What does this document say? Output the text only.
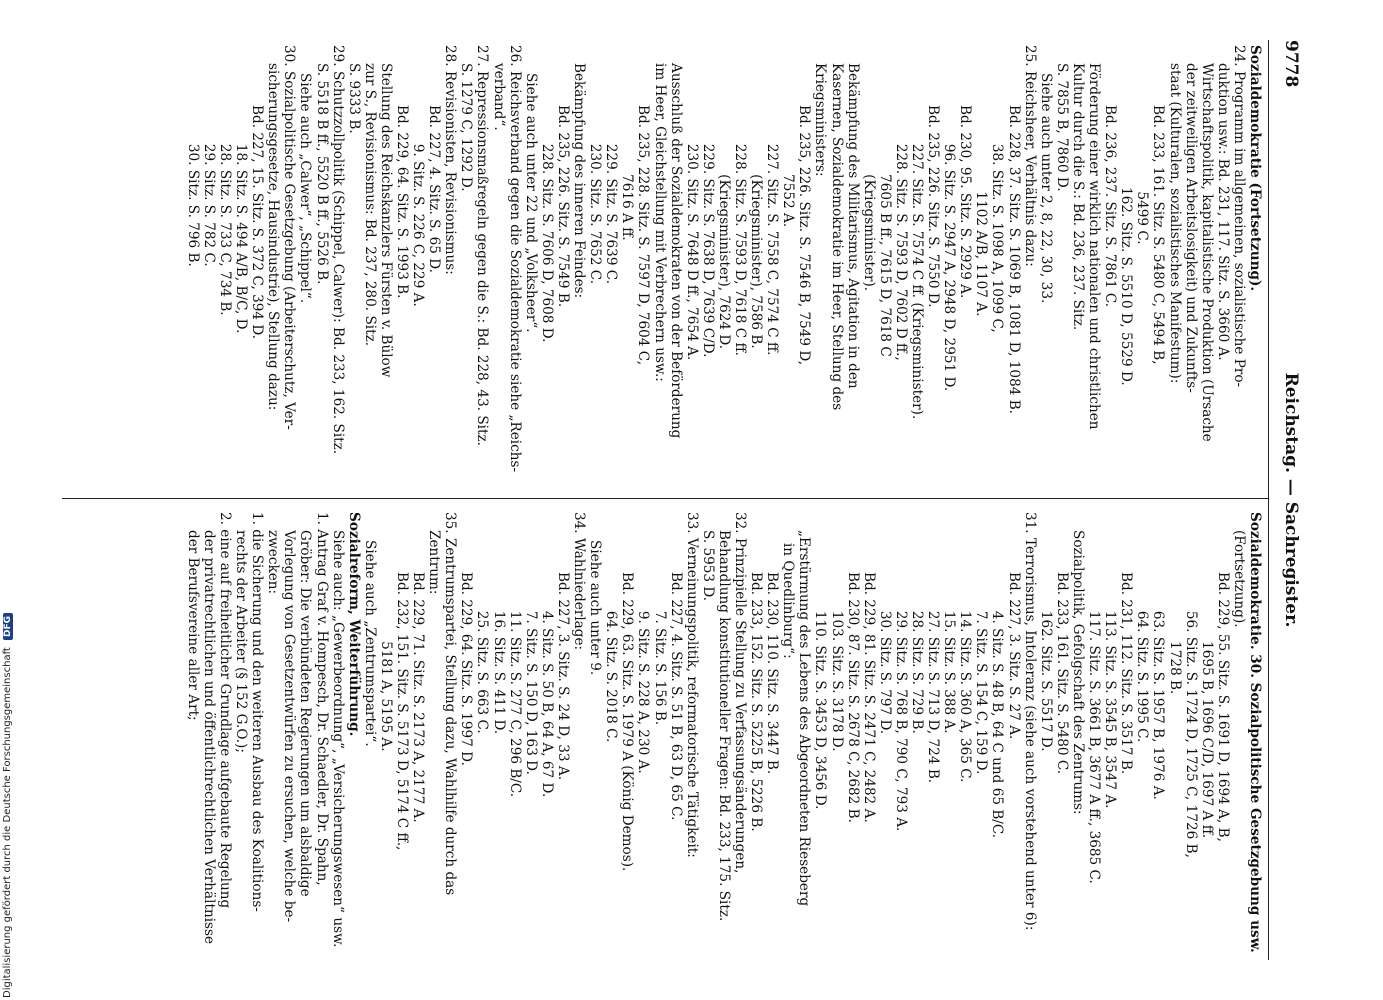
9778
Reichstag. — Sachregister.
Sozialdemokratie (Fortsetzung).
24. Programm im allgemeinen, sozialistische Pro-
duktion usw.: Bd. 231, 117. Sitz. S. 3660 A.
Wirtschaftspolitik, kapitalistische Produktion (Ursache
der zeitweiligen Arbeitslosigkeit) und Zukunfts-
staat (Kulturalen, sozialistisches Manifestum):
Bd. 233, 161. Sitz. S. 5480 C, 5494 B,
5499 C.
162. Sitz. S. 5510 D, 5529 D.
Bd. 236, 237. Sitz. S. 7861 C.
Förderung einer wirklich nationalen und christlichen
Kultur durch die S.: Bd. 236, 237. Sitz.
S. 7855 B, 7860 D.
Siehe auch unter 2, 8, 22, 30, 33.
25. Reichsheer, Verhältnis dazu:
Bd. 228, 37. Sitz. S. 1069 B, 1081 D, 1084 B.
38. Sitz. S. 1098 A, 1099 C,
1102 A/B, 1107 A.
Bd. 230, 95. Sitz. S. 2929 A.
96. Sitz. S. 2947 A, 2948 D, 2951 D.
Bd. 235, 226. Sitz. S. 7550 D.
227. Sitz. S. 7574 C ff. (Kriegsminister).
228. Sitz. S. 7593 D, 7602 D ff.,
7605 B ff., 7615 D, 7618 C
(Kriegsminister).
Bekämpfung des Militarismus, Agitation in den
Kasernen, Sozialdemokratie im Heer, Stellung des
Kriegsministers:
Bd. 235, 226. Sitz. S. 7546 B, 7549 D,
7552 A.
227. Sitz. S. 7558 C, 7574 C ff.
(Kriegsminister), 7586 B.
228. Sitz. S. 7593 D, 7618 C ff.
(Kriegsminister), 7624 D.
229. Sitz. S. 7638 D, 7639 C/D.
230. Sitz. S. 7648 D ff., 7654 A.
Ausschluß der Sozialdemokraten von der Beförderung
im Heer, Gleichstellung mit Verbrechern usw.:
Bd. 235, 228. Sitz. S. 7597 D, 7604 C,
7616 A ff.
229. Sitz. S. 7639 C.
230. Sitz. S. 7652 C.
Bekämpfung des inneren Feindes:
Bd. 235, 226. Sitz. S. 7549 B.
228. Sitz. S. 7606 D, 7608 D.
Siehe auch unter 22 und „Volksheer“.
26. Reichsverband gegen die Sozialdemokratie siehe „Reichs-
verband“.
27. Repressionsmaßregeln gegen die S.: Bd. 228, 43. Sitz.
S. 1279 C, 1292 D.
28. Revisionisten, Revisionismus:
Bd. 227, 4. Sitz. S. 65 D.
9. Sitz. S. 226 C, 229 A.
Bd. 229, 64. Sitz. S. 1993 B.
Stellung des Reichskanzlers Fürsten v. Bülow
zur S., Revisionismus: Bd. 237, 280. Sitz.
S. 9333 B.
29. Schutzzollpolitik (Schippel, Calwer): Bd. 233, 162. Sitz.
S. 5518 B ff., 5520 B ff., 5526 B.
Siehe auch „Calwer“, „Schippel“.
30. Sozialpolitische Gesetzgebung (Arbeiterschutz, Ver-
sicherungsgesetze, Hausindustrie), Stellung dazu:
Bd. 227, 15. Sitz. S. 372 C, 394 D.
18. Sitz. S. 494 A/B, B/C, D.
28. Sitz. S. 733 C, 734 B.
29. Sitz. S. 782 C.
30. Sitz. S. 796 B.
Sozialdemokratie. 30. Sozialpolitische Gesetzgebung usw.
(Fortsetzung).
Bd. 229, 55. Sitz. S. 1691 D, 1694 A, B,
1695 B, 1696 C/D, 1697 A ff.
56. Sitz. S. 1724 D, 1725 C, 1726 B,
1728 B.
63. Sitz. S. 1957 B, 1976 A.
64. Sitz. S. 1995 C.
Bd. 231, 112. Sitz. S. 3517 B.
113. Sitz. S. 3545 B, 3547 A.
117. Sitz. S. 3661 B, 3677 A ff., 3685 C.
Sozialpolitik, Gefolgschaft des Zentrums:
Bd. 233, 161. Sitz. S. 5480 C.
162. Sitz. S. 5517 D.
31. Terrorismus, Intoleranz (siehe auch vorstehend unter 6):
Bd. 227, 3. Sitz. S. 27 A.
4. Sitz. S. 48 B, 64 C und 65 B/C.
7. Sitz. S. 154 C, 159 D.
14. Sitz. S. 360 A, 365 C.
15. Sitz. S. 388 A.
27. Sitz. S. 713 D, 724 B.
28. Sitz. S. 729 B.
29. Sitz. S. 768 B, 790 C, 793 A.
30. Sitz. S. 797 D.
Bd. 229, 81. Sitz. S. 2471 C, 2482 A.
Bd. 230, 87. Sitz. S. 2678 C, 2682 B.
103. Sitz. S. 3178 D.
110. Sitz. S. 3453 D, 3456 D.
„Erstürmung des Lebens des Abgeordneten Rieseberg
in Quedlinburg“:
Bd. 230, 110. Sitz. S. 3447 B.
Bd. 233, 152. Sitz. S. 5225 B, 5226 B.
32. Prinzipielle Stellung zu Verfassungsänderungen,
Behandlung konstitutioneller Fragen: Bd. 233, 175. Sitz.
S. 5953 D.
33. Verneinungspolitik, reformatorische Tätigkeit:
Bd. 227, 4. Sitz. S. 51 B, 63 D, 65 C.
7. Sitz. S. 156 B.
9. Sitz. S. 228 A, 230 A.
Bd. 229, 63. Sitz. S. 1979 A (König Demos).
64. Sitz. S. 2018 C.
Siehe auch unter 9.
34. Wahlniederlage:
Bd. 227, 3. Sitz. S. 24 D, 33 A.
4. Sitz. S. 50 B, 64 A, 67 D.
7. Sitz. S. 150 D, 163 D.
11. Sitz. S. 277 C, 296 B/C.
16. Sitz. S. 411 D.
25. Sitz. S. 663 C.
Bd. 229, 64. Sitz. S. 1997 D.
35. Zentrumspartei, Stellung dazu, Wahlhilfe durch das
Zentrum:
Bd. 229, 71. Sitz. S. 2173 A, 2177 A.
Bd. 232, 151. Sitz. S. 5173 D, 5174 C ff.,
5181 A, 5195 A.
Siehe auch „Zentrumspartei“.
Sozialreform, Weiterführung.
Siehe auch: „Gewerbeordnung“, „Versicherungswesen“ usw.
1. Antrag Graf v. Hompesch, Dr. Schaedler, Dr. Spahn,
Gröber: Die verbündeten Regierungen um alsbaldige
Vorlegung von Gesetzentwürfen zu ersuchen, welche be-
zwecken:
1. die Sicherung und den weiteren Ausbau des Koalitions-
rechts der Arbeiter (§ 152 G.O.);
2. eine auf freiheitlicher Grundlage aufgebaute Regelung
der privatrechtlichen und öffentlichrechtlichen Verhältnisse
der Berufsvereine aller Art;
Digitalisierung gefördert durch die Deutsche Forschungsgemeinschaft DFG
